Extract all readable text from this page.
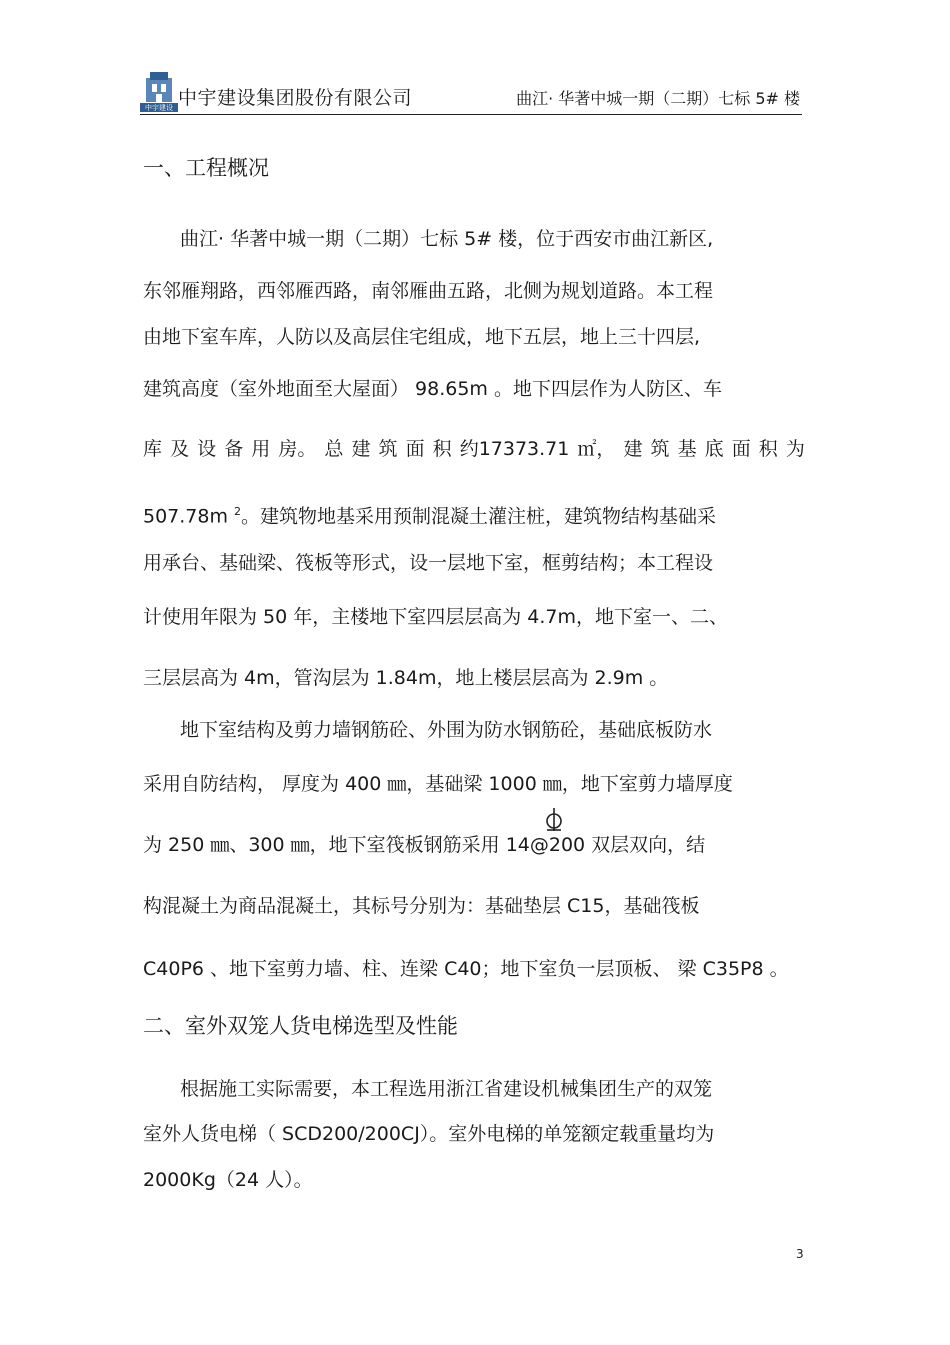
中宇建设 中宇建设集团股份有限公司	曲江· 华著中城一期（二期）七标 5# 楼
一、工程概况
曲江· 华著中城一期（二期）七标 5# 楼，位于西安市曲江新区,
东邻雁翔路，西邻雁西路，南邻雁曲五路，北侧为规划道路。本工程
由地下室车库，人防以及高层住宅组成，地下五层，地上三十四层,
建筑高度（室外地面至大屋面） 98.65m 。地下四层作为人防区、车
库 及 设 备 用 房。 总 建 筑 面 积 约17373.71 ㎡， 建 筑 基 底 面 积 为
507.78m $^2$。建筑物地基采用预制混凝土灌注桩，建筑物结构基础采
用承台、基础梁、筏板等形式，设一层地下室，框剪结构；本工程设
计使用年限为 50 年，主楼地下室四层层高为 4.7m，地下室一、二、
三层层高为 4m，管沟层为 1.84m，地上楼层层高为 2.9m 。
地下室结构及剪力墙钢筋砼、外围为防水钢筋砼，基础底板防水
采用自防结构， 厚度为 400 ㎜，基础梁 1000 ㎜，地下室剪力墙厚度
为 250 ㎜、300 ㎜，地下室筏板钢筋采用 14@200 双层双向，结
构混凝土为商品混凝土，其标号分别为：基础垫层 C15，基础筏板
C40P6 、地下室剪力墙、柱、连梁 C40；地下室负一层顶板、 梁 C35P8 。
二、室外双笼人货电梯选型及性能
根据施工实际需要，本工程选用浙江省建设机械集团生产的双笼
室外人货电梯（ SCD200/200CJ）。室外电梯的单笼额定载重量均为
2000Kg（24 人）。
3
